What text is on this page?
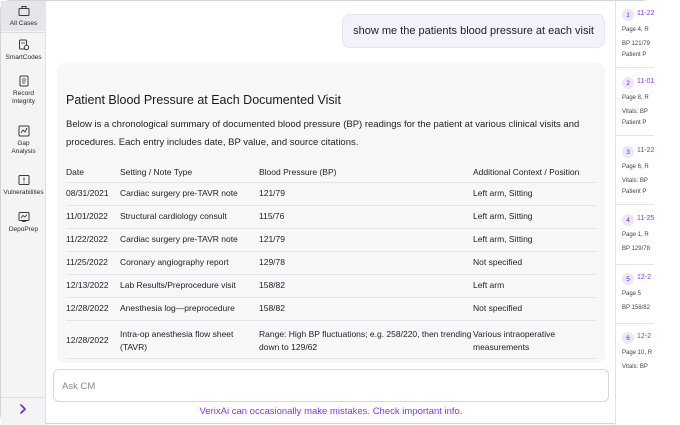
All Cases
SmartCodes
Record Integrity
Gap Analysis
Vulnerabilities
DepoPrep
show me the patients blood pressure at each visit
Patient Blood Pressure at Each Documented Visit

Below is a chronological summary of documented blood pressure (BP) readings for the patient at various clinical visits and procedures. Each entry includes date, BP value, and source citations.

Date	Setting / Note Type	Blood Pressure (BP)	Additional Context / Position
08/31/2021	Cardiac surgery pre-TAVR note	121/79	Left arm, Sitting
11/01/2022	Structural cardiology consult	115/76	Left arm, Sitting
11/22/2022	Cardiac surgery pre-TAVR note	121/79	Left arm, Sitting
11/25/2022	Coronary angiography report	129/78	Not specified
12/13/2022	Lab Results/Preprocedure visit	158/82	Left arm
12/28/2022	Anesthesia log—preprocedure	158/82	Not specified
12/28/2022	Intra-op anesthesia flow sheet (TAVR)	Range: High BP fluctuations; e.g. 258/220, then trending down to 129/62	Various intraoperative measurements
Ask CM
VerixAi can occasionally make mistakes. Check important info.
1	11-22
Page 4, R
BP 121/79
Patient P
2	11-01
Page 8, R
Vitals: BP
Patient P
3	11-22
Page 6, R
Vitals: BP
Patient P
4	11-25
Page 1, R
BP 129/78
5	12-2
Page 5
BP 158/82
6	12-2
Page 10, R
Vitals: BP
